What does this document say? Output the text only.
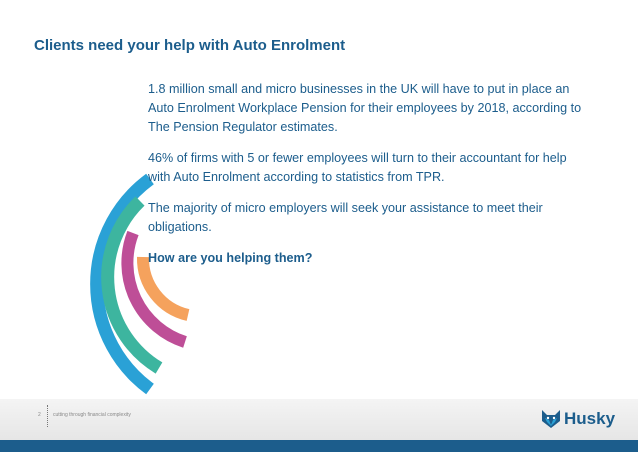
Clients need your help with Auto Enrolment

1.8 million small and micro businesses in the UK will have to put in place an Auto Enrolment Workplace Pension for their employees by 2018, according to The Pension Regulator estimates.

46% of firms with 5 or fewer employees will turn to their accountant for help with Auto Enrolment according to statistics from TPR.

The majority of micro employers will seek your assistance to meet their obligations.

How are you helping them?

2 cutting through financial complexity	Husky
